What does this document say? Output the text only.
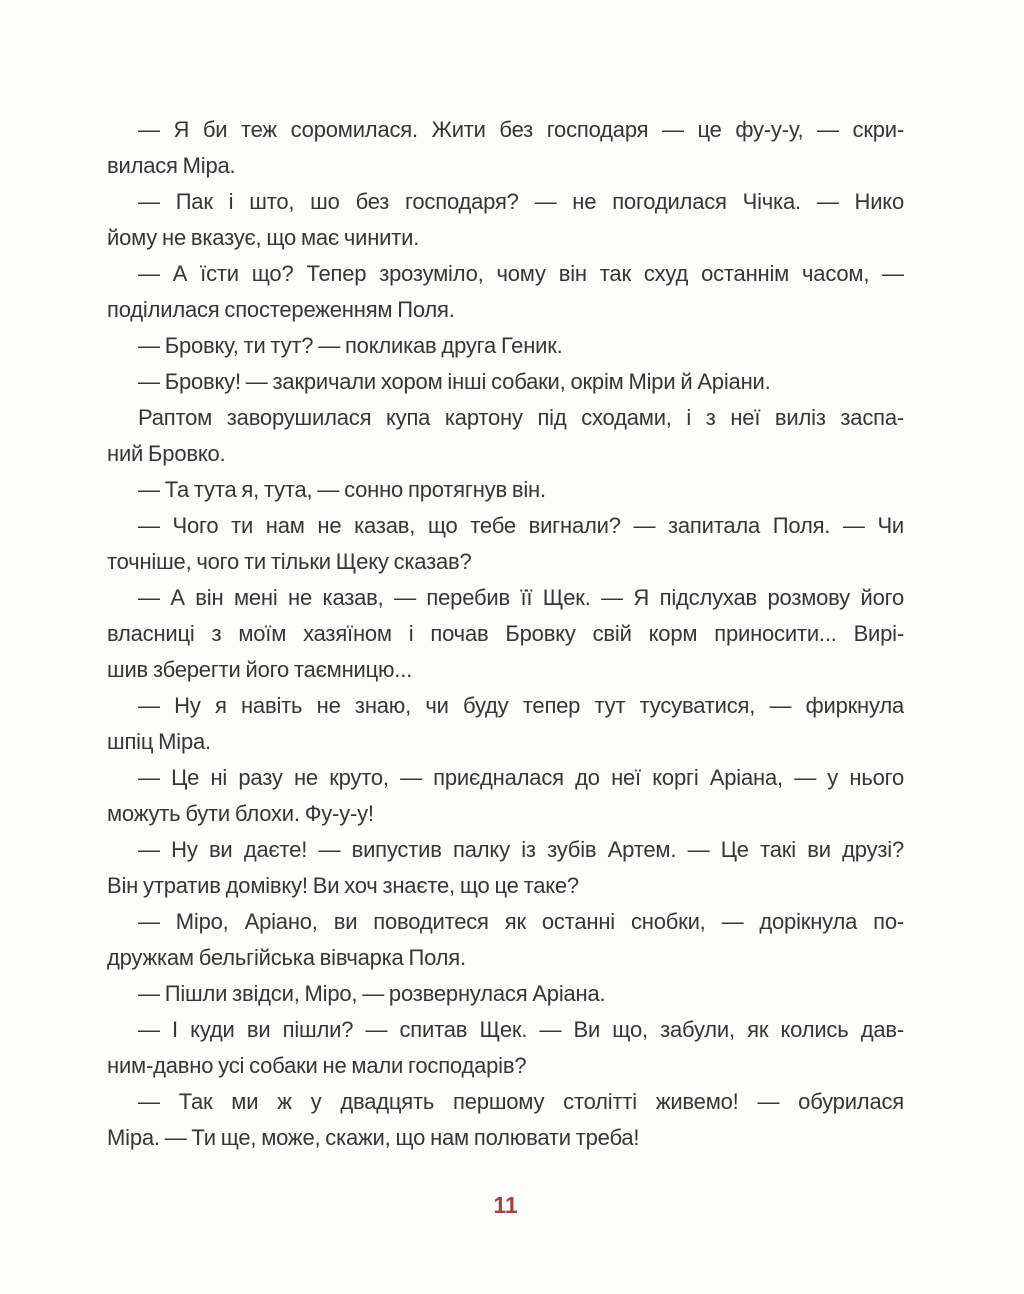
— Я би теж соромилася. Жити без господаря — це фу-у-у, — скри-
вилася Міра.
— Пак і што, шо без господаря? — не погодилася Чічка. — Нико
йому не вказує, що має чинити.
— А їсти що? Тепер зрозуміло, чому він так схуд останнім часом, —
поділилася спостереженням Поля.
— Бровку, ти тут? — покликав друга Геник.
— Бровку! — закричали хором інші собаки, окрім Міри й Аріани.
Раптом заворушилася купа картону під сходами, і з неї виліз заспа-
ний Бровко.
— Та тута я, тута, — сонно протягнув він.
— Чого ти нам не казав, що тебе вигнали? — запитала Поля. — Чи
точніше, чого ти тільки Щеку сказав?
— А він мені не казав, — перебив її Щек. — Я підслухав розмову його
власниці з моїм хазяїном і почав Бровку свій корм приносити... Вирі-
шив зберегти його таємницю...
— Ну я навіть не знаю, чи буду тепер тут тусуватися, — фиркнула
шпіц Міра.
— Це ні разу не круто, — приєдналася до неї коргі Аріана, — у нього
можуть бути блохи. Фу-у-у!
— Ну ви даєте! — випустив палку із зубів Артем. — Це такі ви друзі?
Він утратив домівку! Ви хоч знаєте, що це таке?
— Міро, Аріано, ви поводитеся як останні снобки, — дорікнула по-
дружкам бельгійська вівчарка Поля.
— Пішли звідси, Міро, — розвернулася Аріана.
— І куди ви пішли? — спитав Щек. — Ви що, забули, як колись дав-
ним-давно усі собаки не мали господарів?
— Так ми ж у двадцять першому столітті живемо! — обурилася
Міра. — Ти ще, може, скажи, що нам полювати треба!
11
